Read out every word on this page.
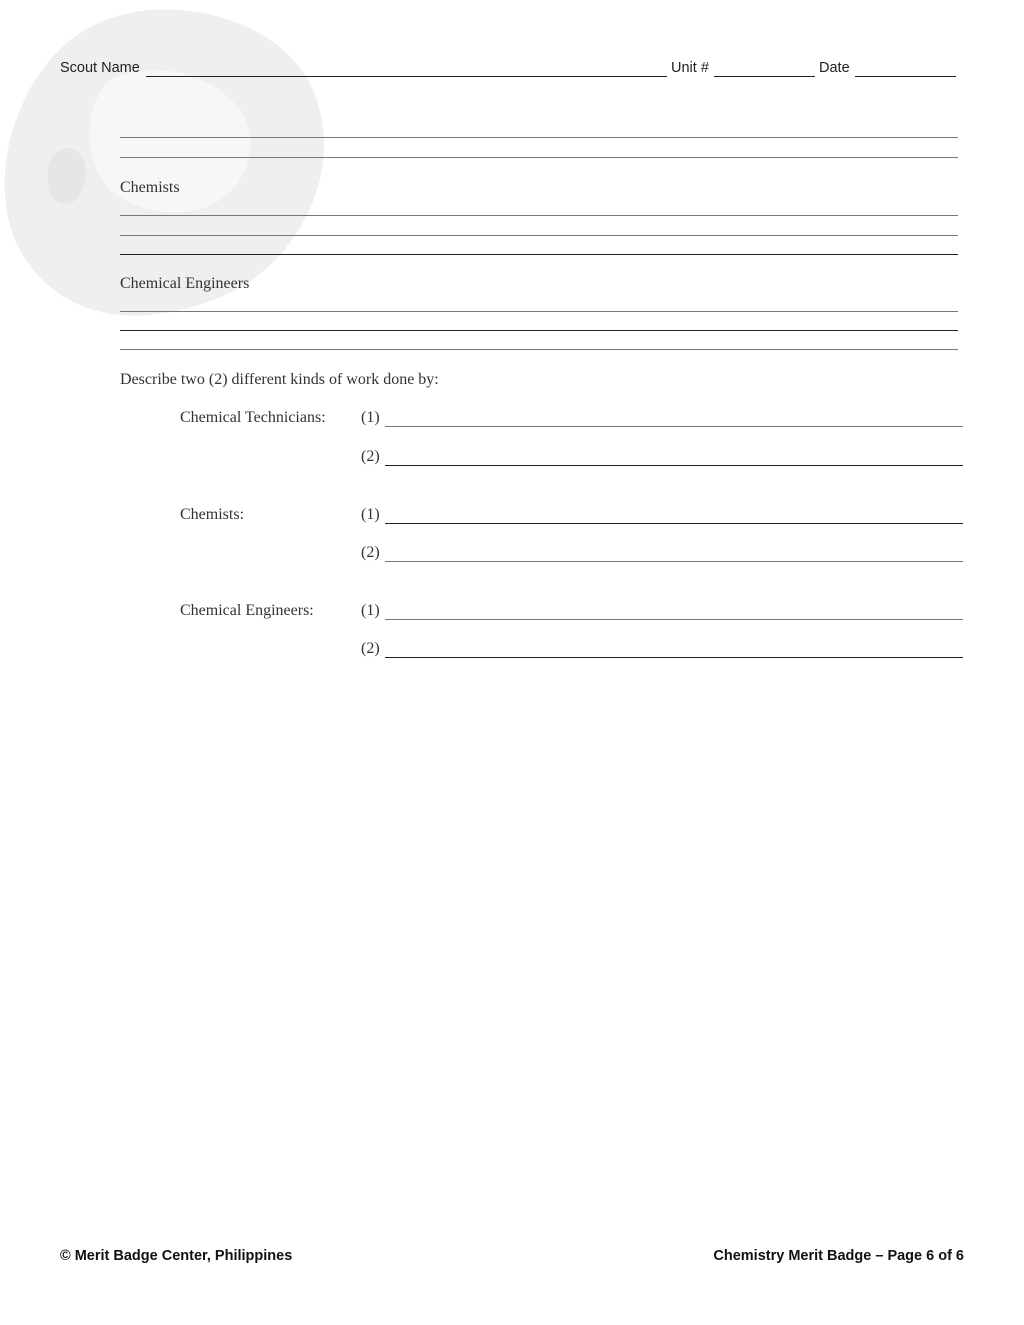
Scout Name	Unit #	Date
Chemists
Chemical Engineers
Describe two (2) different kinds of work done by:
Chemical Technicians: (1)
(2)
Chemists:	(1)
(2)
Chemical Engineers:	(1)
(2)
© Merit Badge Center, Philippines	Chemistry Merit Badge – Page 6 of 6
